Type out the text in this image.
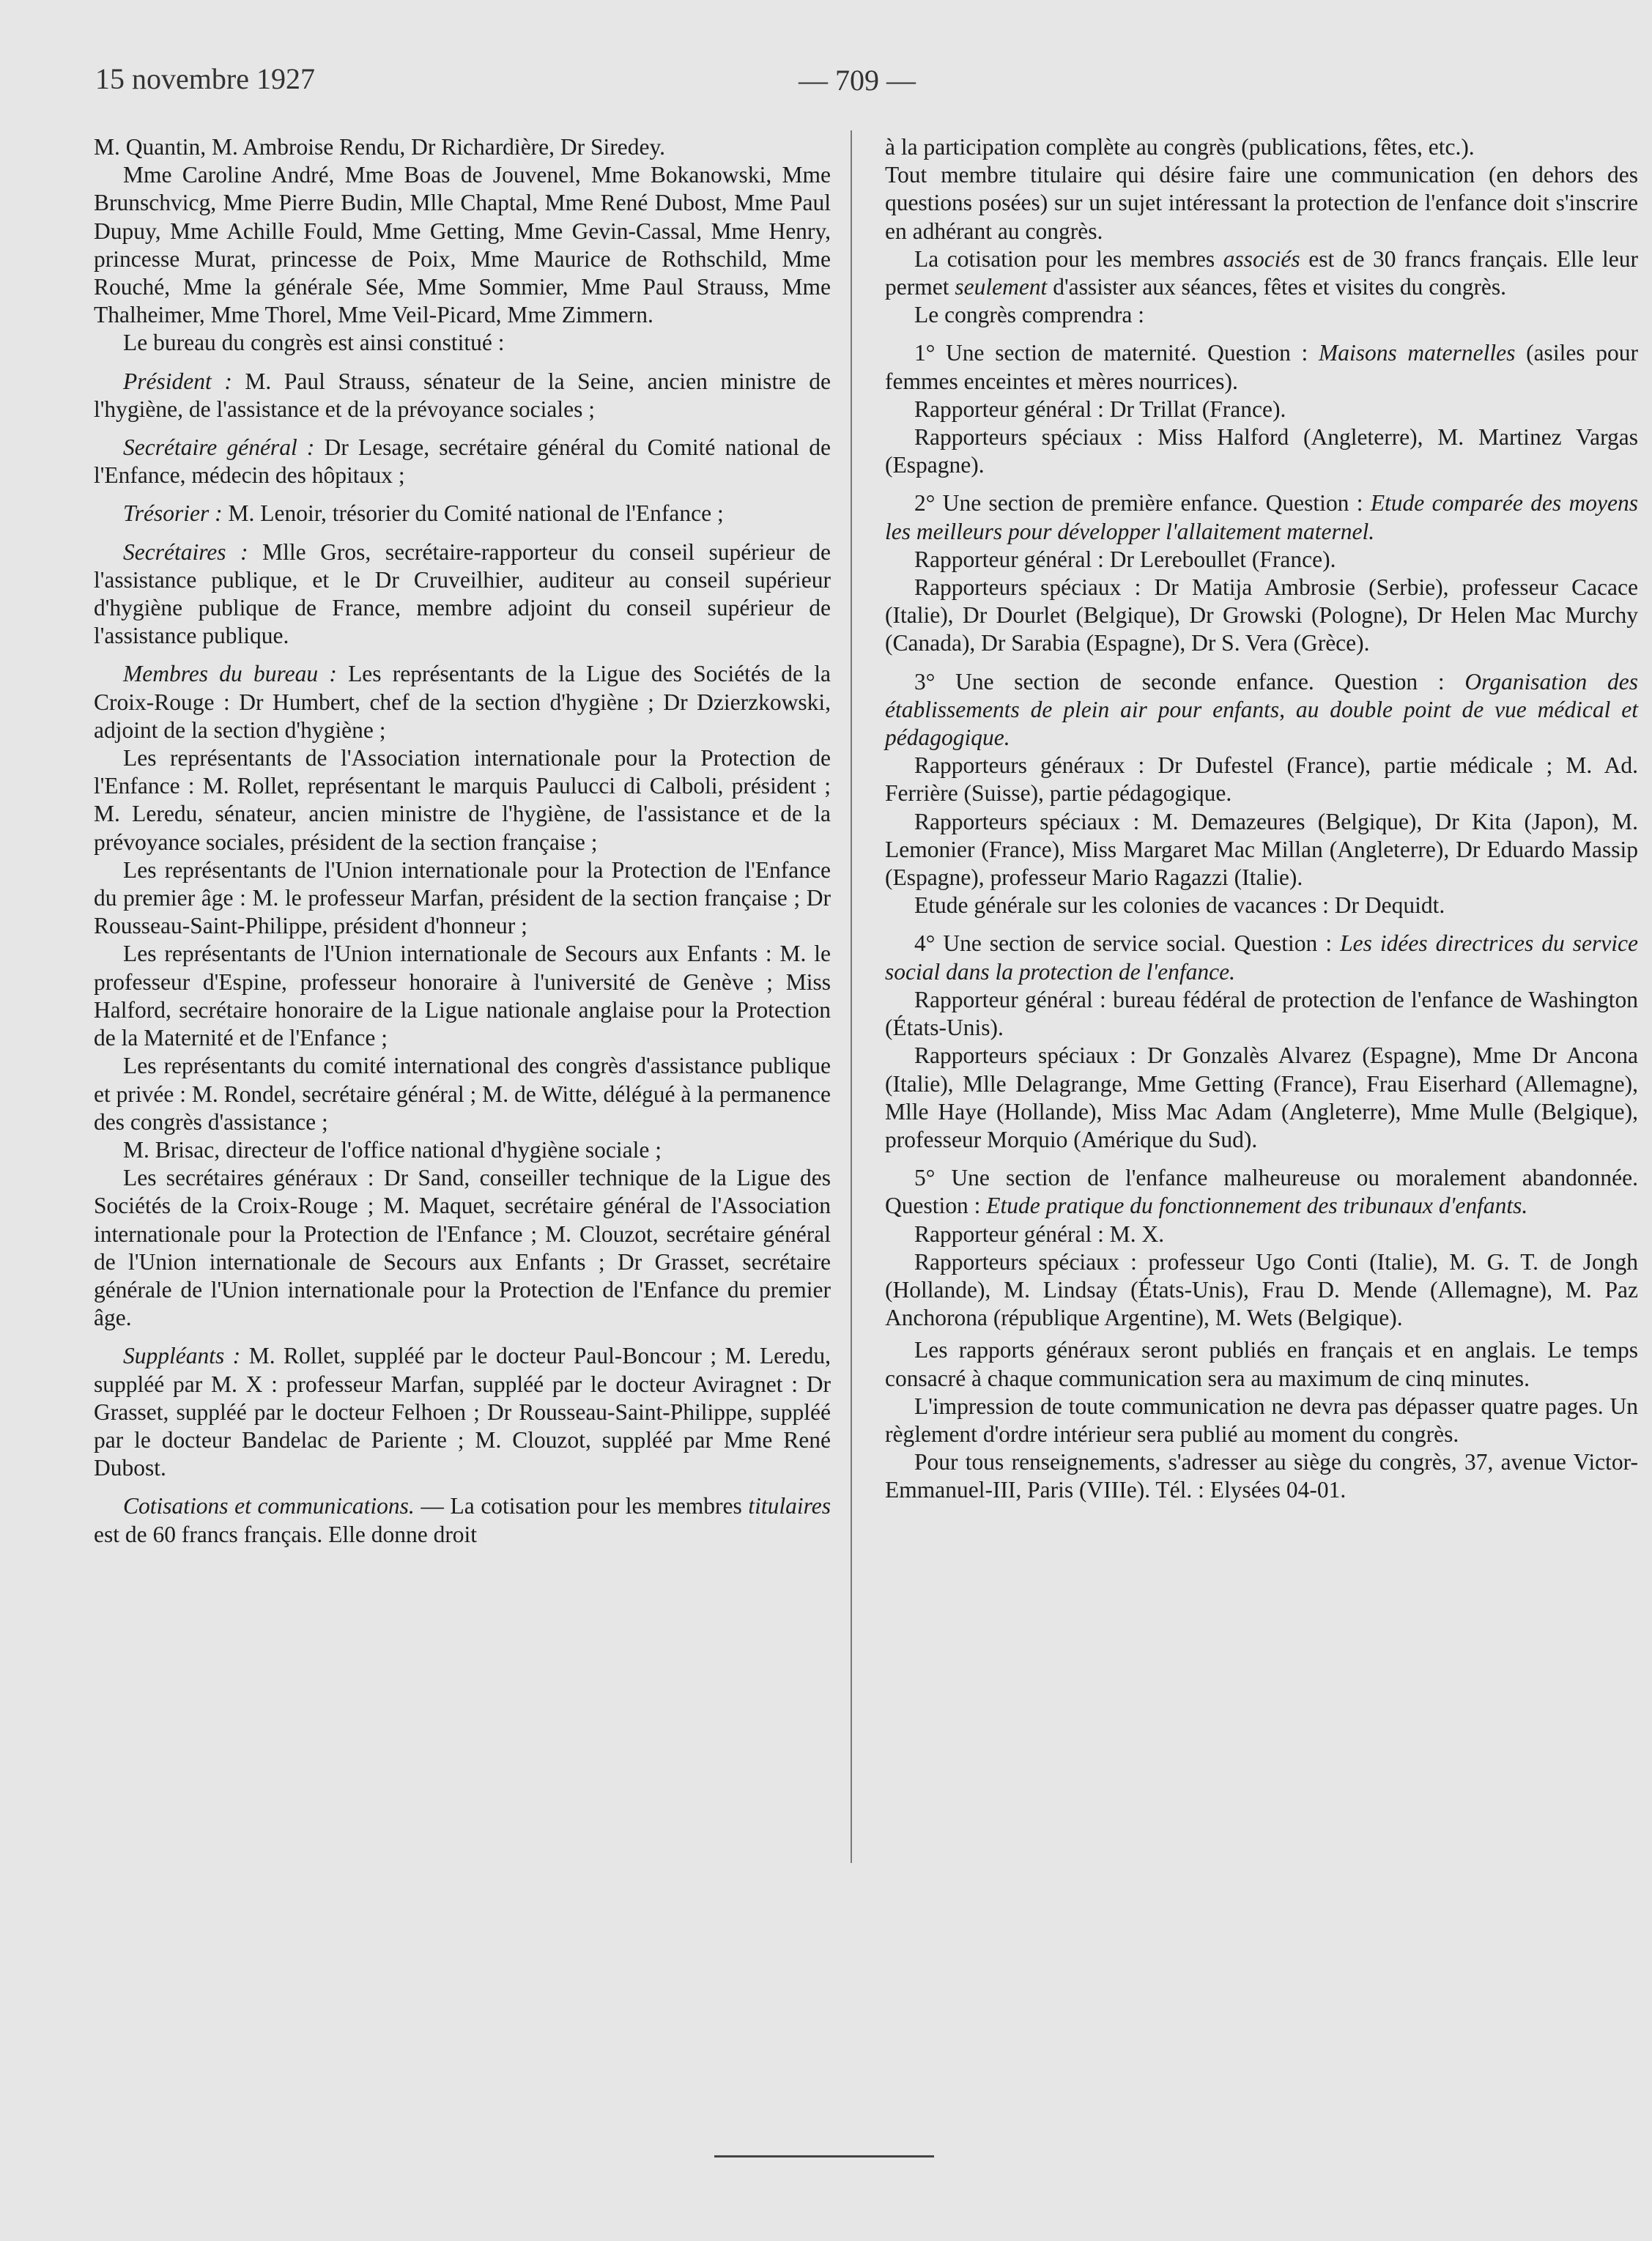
15 novembre 1927	— 709 —

M. Quantin, M. Ambroise Rendu, Dr Richardière, Dr Siredey.

Mme Caroline André, Mme Boas de Jouvenel, Mme Bokanowski, Mme Brunschvicg, Mme Pierre Budin, Mlle Chaptal, Mme René Dubost, Mme Paul Dupuy, Mme Achille Fould, Mme Getting, Mme Gevin-Cassal, Mme Henry, princesse Murat, princesse de Poix, Mme Maurice de Rothschild, Mme Rouché, Mme la générale Sée, Mme Sommier, Mme Paul Strauss, Mme Thalheimer, Mme Thorel, Mme Veil-Picard, Mme Zimmern.

Le bureau du congrès est ainsi constitué :

Président : M. Paul Strauss, sénateur de la Seine, ancien ministre de l'hygiène, de l'assistance et de la prévoyance sociales ;

Secrétaire général : Dr Lesage, secrétaire général du Comité national de l'Enfance, médecin des hôpitaux ;

Trésorier : M. Lenoir, trésorier du Comité national de l'Enfance ;

Secrétaires : Mlle Gros, secrétaire-rapporteur du conseil supérieur de l'assistance publique, et le Dr Cruveilhier, auditeur au conseil supérieur d'hygiène publique de France, membre adjoint du conseil supérieur de l'assistance publique.

Membres du bureau : Les représentants de la Ligue des Sociétés de la Croix-Rouge : Dr Humbert, chef de la section d'hygiène ; Dr Dzierzkowski, adjoint de la section d'hygiène ;

Les représentants de l'Association internationale pour la Protection de l'Enfance : M. Rollet, représentant le marquis Paulucci di Calboli, président ; M. Leredu, sénateur, ancien ministre de l'hygiène, de l'assistance et de la prévoyance sociales, président de la section française ;

Les représentants de l'Union internationale pour la Protection de l'Enfance du premier âge : M. le professeur Marfan, président de la section française ; Dr Rousseau-Saint-Philippe, président d'honneur ;

Les représentants de l'Union internationale de Secours aux Enfants : M. le professeur d'Espine, professeur honoraire à l'université de Genève ; Miss Halford, secrétaire honoraire de la Ligue nationale anglaise pour la Protection de la Maternité et de l'Enfance ;

Les représentants du comité international des congrès d'assistance publique et privée : M. Rondel, secrétaire général ; M. de Witte, délégué à la permanence des congrès d'assistance ;

M. Brisac, directeur de l'office national d'hygiène sociale ;

Les secrétaires généraux : Dr Sand, conseiller technique de la Ligue des Sociétés de la Croix-Rouge ; M. Maquet, secrétaire général de l'Association internationale pour la Protection de l'Enfance ; M. Clouzot, secrétaire général de l'Union internationale de Secours aux Enfants ; Dr Grasset, secrétaire générale de l'Union internationale pour la Protection de l'Enfance du premier âge.

Suppléants : M. Rollet, suppléé par le docteur Paul-Boncour ; M. Leredu, suppléé par M. X : professeur Marfan, suppléé par le docteur Aviragnet : Dr Grasset, suppléé par le docteur Felhoen ; Dr Rousseau-Saint-Philippe, suppléé par le docteur Bandelac de Pariente ; M. Clouzot, suppléé par Mme René Dubost.

Cotisations et communications. — La cotisation pour les membres titulaires est de 60 francs français. Elle donne droit

à la participation complète au congrès (publications, fêtes, etc.).

Tout membre titulaire qui désire faire une communication (en dehors des questions posées) sur un sujet intéressant la protection de l'enfance doit s'inscrire en adhérant au congrès.

La cotisation pour les membres associés est de 30 francs français. Elle leur permet seulement d'assister aux séances, fêtes et visites du congrès.

Le congrès comprendra :

1° Une section de maternité. Question : Maisons maternelles (asiles pour femmes enceintes et mères nourrices).

Rapporteur général : Dr Trillat (France).

Rapporteurs spéciaux : Miss Halford (Angleterre), M. Martinez Vargas (Espagne).

2° Une section de première enfance. Question : Etude comparée des moyens les meilleurs pour développer l'allaitement maternel.

Rapporteur général : Dr Lereboullet (France).

Rapporteurs spéciaux : Dr Matija Ambrosie (Serbie), professeur Cacace (Italie), Dr Dourlet (Belgique), Dr Growski (Pologne), Dr Helen Mac Murchy (Canada), Dr Sarabia (Espagne), Dr S. Vera (Grèce).

3° Une section de seconde enfance. Question : Organisation des établissements de plein air pour enfants, au double point de vue médical et pédagogique.

Rapporteurs généraux : Dr Dufestel (France), partie médicale ; M. Ad. Ferrière (Suisse), partie pédagogique.

Rapporteurs spéciaux : M. Demazeures (Belgique), Dr Kita (Japon), M. Lemonier (France), Miss Margaret Mac Millan (Angleterre), Dr Eduardo Massip (Espagne), professeur Mario Ragazzi (Italie).

Etude générale sur les colonies de vacances : Dr Dequidt.

4° Une section de service social. Question : Les idées directrices du service social dans la protection de l'enfance.

Rapporteur général : bureau fédéral de protection de l'enfance de Washington (États-Unis).

Rapporteurs spéciaux : Dr Gonzalès Alvarez (Espagne), Mme Dr Ancona (Italie), Mlle Delagrange, Mme Getting (France), Frau Eiserhard (Allemagne), Mlle Haye (Hollande), Miss Mac Adam (Angleterre), Mme Mulle (Belgique), professeur Morquio (Amérique du Sud).

5° Une section de l'enfance malheureuse ou moralement abandonnée. Question : Etude pratique du fonctionnement des tribunaux d'enfants.

Rapporteur général : M. X.

Rapporteurs spéciaux : professeur Ugo Conti (Italie), M. G. T. de Jongh (Hollande), M. Lindsay (États-Unis), Frau D. Mende (Allemagne), M. Paz Anchorona (république Argentine), M. Wets (Belgique).

Les rapports généraux seront publiés en français et en anglais. Le temps consacré à chaque communication sera au maximum de cinq minutes.

L'impression de toute communication ne devra pas dépasser quatre pages. Un règlement d'ordre intérieur sera publié au moment du congrès.

Pour tous renseignements, s'adresser au siège du congrès, 37, avenue Victor-Emmanuel-III, Paris (VIIIe). Tél. : Elysées 04-01.
